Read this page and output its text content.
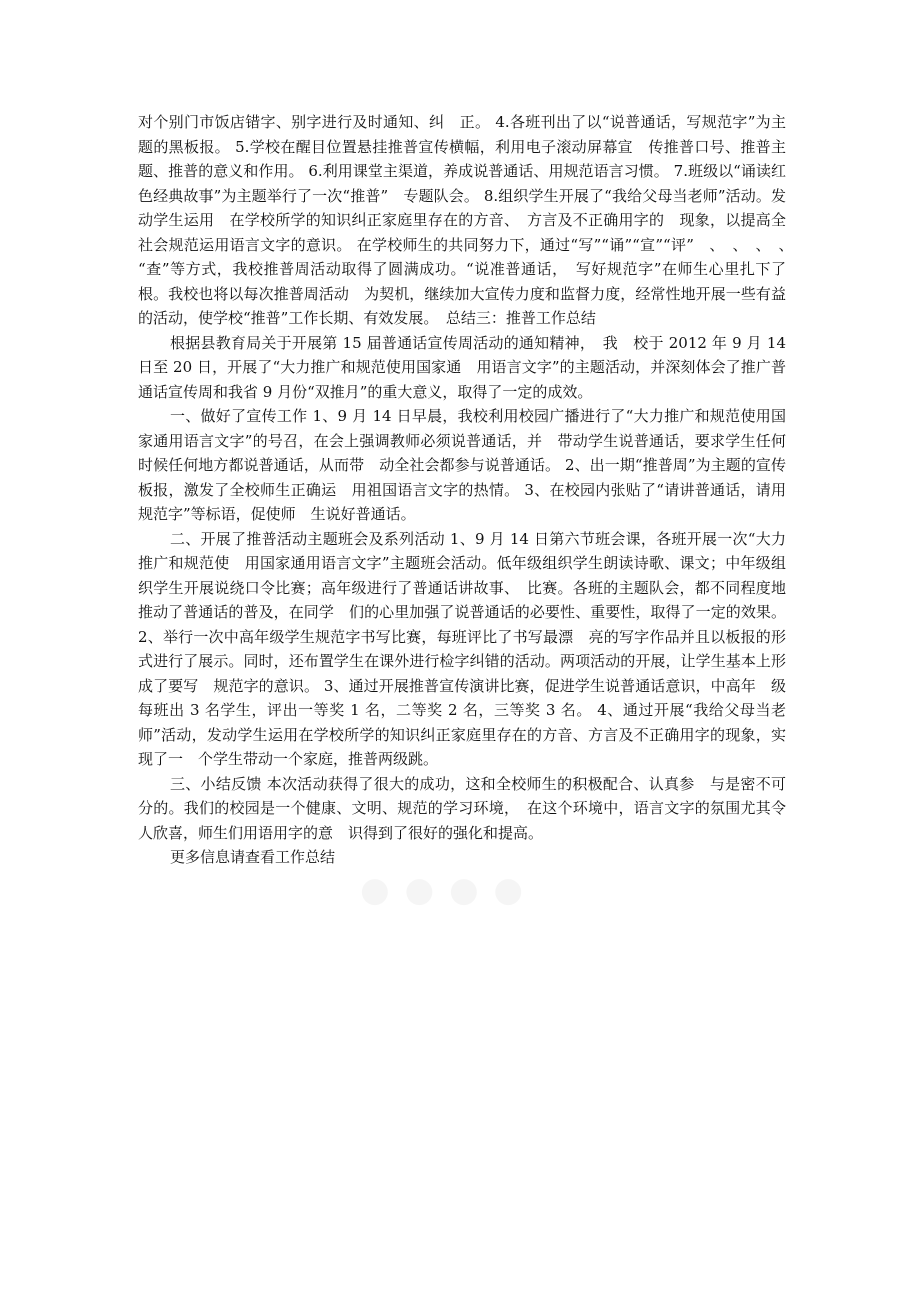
对个别门市饭店错字、别字进行及时通知、纠　正。 4.各班刊出了以“说普通话，写规范字”为主题的黑板报。 5.学校在醒目位置悬挂推普宣传横幅，利用电子滚动屏幕宣　传推普口号、推普主题、推普的意义和作用。 6.利用课堂主渠道，养成说普通话、用规范语言习惯。 7.班级以“诵读红色经典故事”为主题举行了一次“推普”　专题队会。 8.组织学生开展了“我给父母当老师”活动。发动学生运用　在学校所学的知识纠正家庭里存在的方音、　方言及不正确用字的　现象，以提高全社会规范运用语言文字的意识。 在学校师生的共同努力下，通过“写”“诵”“宣”“评”　、　、　、　、　“查”等方式，我校推普周活动取得了圆满成功。“说准普通话，　写好规范字”在师生心里扎下了根。我校也将以每次推普周活动　为契机，继续加大宣传力度和监督力度，经常性地开展一些有益　的活动，使学校“推普”工作长期、有效发展。　总结三：推普工作总结

根据县教育局关于开展第 15 届普通话宣传周活动的通知精神，　我　校于 2012 年 9 月 14 日至 20 日，开展了“大力推广和规范使用国家通　用语言文字”的主题活动，并深刻体会了推广普通话宣传周和我省 9 月份“双推月”的重大意义，取得了一定的成效。

一、做好了宣传工作 1、9 月 14 日早晨，我校利用校园广播进行了“大力推广和规范使用国家通用语言文字”的号召，在会上强调教师必须说普通话，并　带动学生说普通话，要求学生任何时候任何地方都说普通话，从而带　动全社会都参与说普通话。 2、出一期“推普周”为主题的宣传板报，激发了全校师生正确运　用祖国语言文字的热情。 3、在校园内张贴了“请讲普通话，请用规范字”等标语，促使师　生说好普通话。

二、开展了推普活动主题班会及系列活动 1、9 月 14 日第六节班会课，各班开展一次“大力推广和规范使　用国家通用语言文字”主题班会活动。低年级组织学生朗读诗歌、课文；中年级组织学生开展说绕口令比赛；高年级进行了普通话讲故事、　比赛。各班的主题队会，都不同程度地推动了普通话的普及，在同学　们的心里加强了说普通话的必要性、重要性，取得了一定的效果。 2、举行一次中高年级学生规范字书写比赛，每班评比了书写最漂　亮的写字作品并且以板报的形式进行了展示。同时，还布置学生在课外进行检字纠错的活动。两项活动的开展，让学生基本上形成了要写　规范字的意识。 3、通过开展推普宣传演讲比赛，促进学生说普通话意识，中高年　级每班出 3 名学生，评出一等奖 1 名，二等奖 2 名，三等奖 3 名。 4、通过开展“我给父母当老师”活动，发动学生运用在学校所学的知识纠正家庭里存在的方音、方言及不正确用字的现象，实现了一　个学生带动一个家庭，推普两级跳。

三、小结反馈 本次活动获得了很大的成功，这和全校师生的积极配合、认真参　与是密不可分的。我们的校园是一个健康、文明、规范的学习环境，　在这个环境中，语言文字的氛围尤其令人欣喜，师生们用语用字的意　识得到了很好的强化和提高。

更多信息请查看工作总结
